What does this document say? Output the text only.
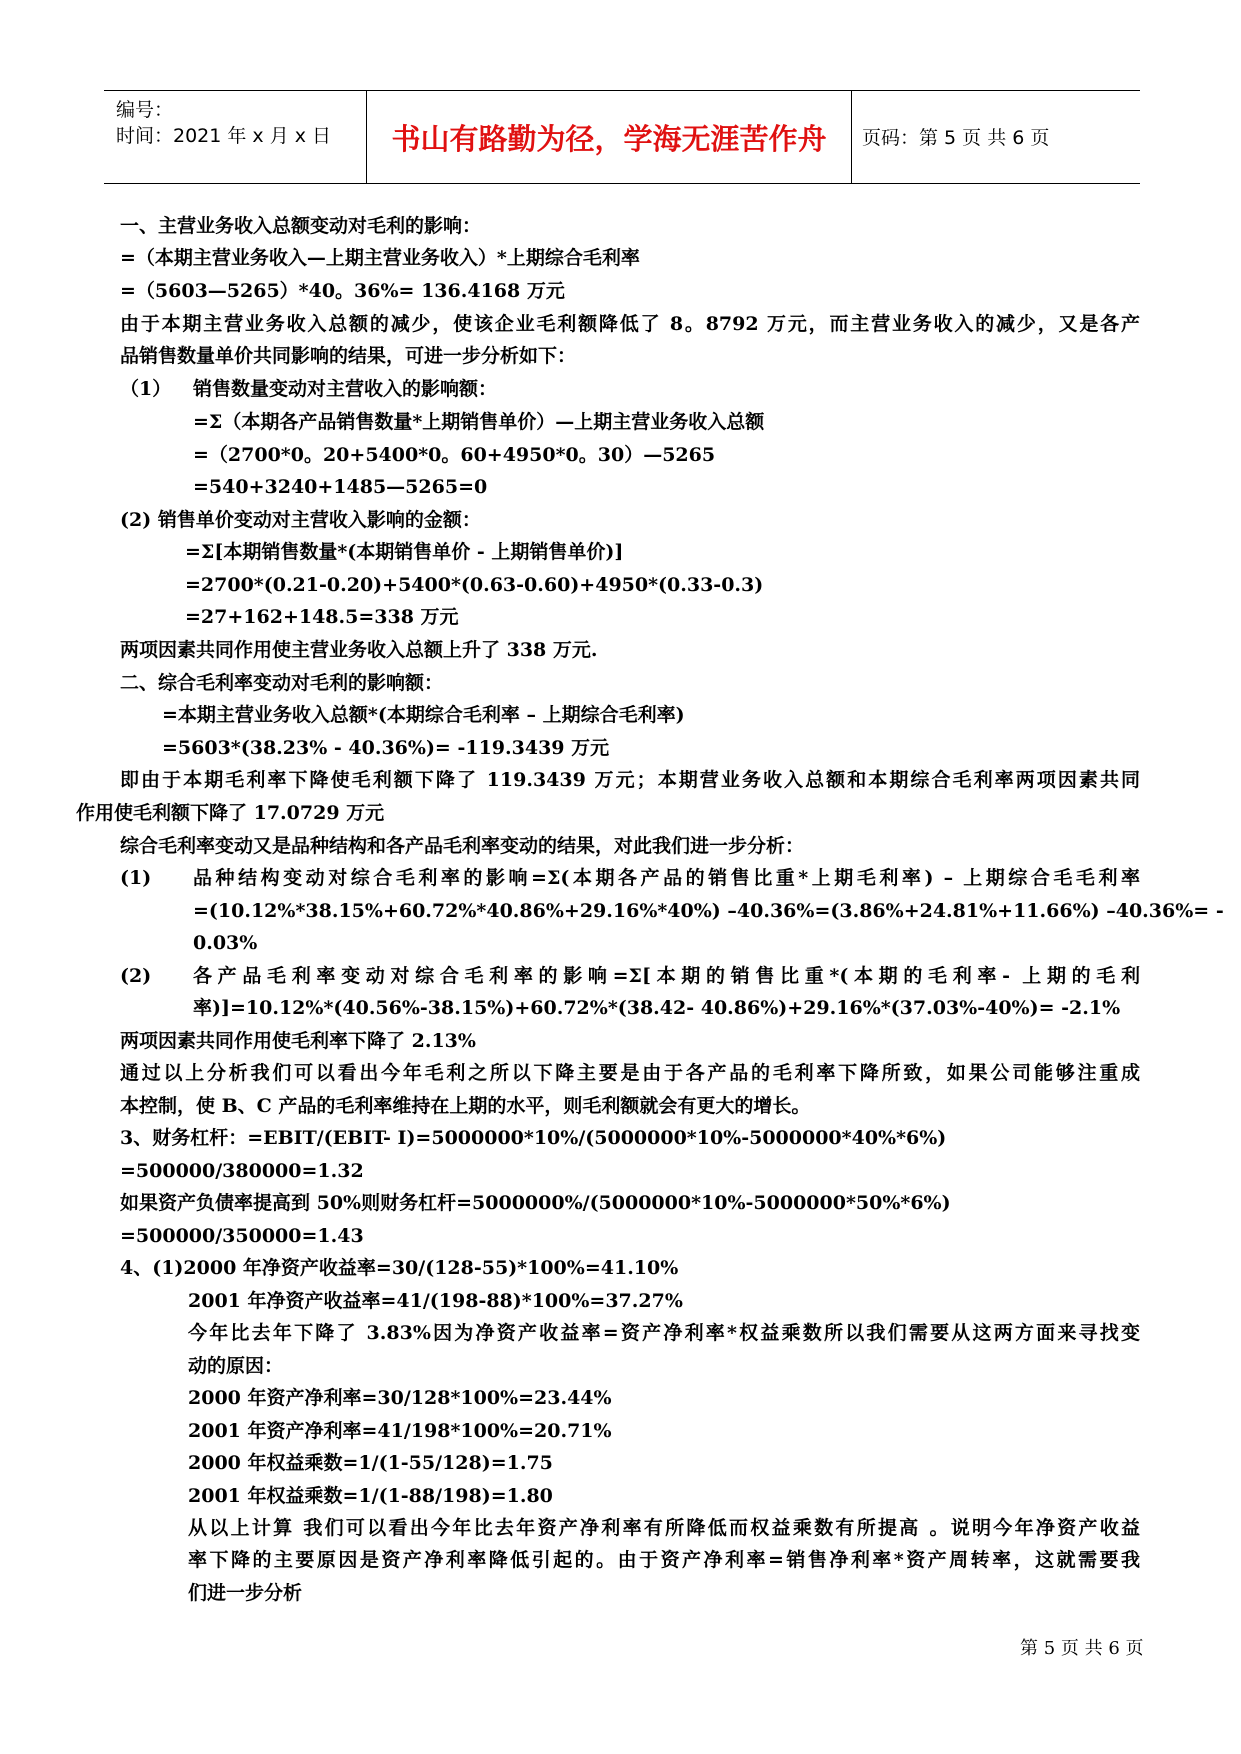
编号：
时间：2021 年 x 月 x 日	书山有路勤为径，学海无涯苦作舟	页码：第 5 页 共 6 页
一、主营业务收入总额变动对毛利的影响：
=（本期主营业务收入—上期主营业务收入）*上期综合毛利率
=（5603—5265）*40。36%= 136.4168 万元
由于本期主营业务收入总额的减少，使该企业毛利额降低了 8。8792 万元，而主营业务收入的减少，又是各产
品销售数量单价共同影响的结果，可进一步分析如下：
（1） 销售数量变动对主营收入的影响额：
=Σ（本期各产品销售数量*上期销售单价）—上期主营业务收入总额
=（2700*0。20+5400*0。60+4950*0。30）—5265
=540+3240+1485—5265=0
(2) 销售单价变动对主营收入影响的金额：
=Σ[本期销售数量*(本期销售单价 - 上期销售单价)]
=2700*(0.21-0.20)+5400*(0.63-0.60)+4950*(0.33-0.3)
=27+162+148.5=338 万元
两项因素共同作用使主营业务收入总额上升了 338 万元.
二、综合毛利率变动对毛利的影响额：
=本期主营业务收入总额*(本期综合毛利率 – 上期综合毛利率)
=5603*(38.23% - 40.36%)= -119.3439 万元
即由于本期毛利率下降使毛利额下降了 119.3439 万元；本期营业务收入总额和本期综合毛利率两项因素共同
作用使毛利额下降了 17.0729 万元
综合毛利率变动又是品种结构和各产品毛利率变动的结果，对此我们进一步分析：
(1) 品种结构变动对综合毛利率的影响=Σ(本期各产品的销售比重*上期毛利率) – 上期综合毛毛利率
=(10.12%*38.15%+60.72%*40.86%+29.16%*40%) –40.36%=(3.86%+24.81%+11.66%) –40.36%= -
0.03%
(2) 各产品毛利率变动对综合毛利率的影响=Σ[本期的销售比重*(本期的毛利率- 上期的毛利
率)]=10.12%*(40.56%-38.15%)+60.72%*(38.42- 40.86%)+29.16%*(37.03%-40%)= -2.1%
两项因素共同作用使毛利率下降了 2.13%
通过以上分析我们可以看出今年毛利之所以下降主要是由于各产品的毛利率下降所致，如果公司能够注重成
本控制，使 B、C 产品的毛利率维持在上期的水平，则毛利额就会有更大的增长。
3、财务杠杆：=EBIT/(EBIT- I)=5000000*10%/(5000000*10%-5000000*40%*6%)
=500000/380000=1.32
如果资产负债率提高到 50%则财务杠杆=5000000%/(5000000*10%-5000000*50%*6%)
=500000/350000=1.43
4、(1)2000 年净资产收益率=30/(128-55)*100%=41.10%
2001 年净资产收益率=41/(198-88)*100%=37.27%
今年比去年下降了 3.83%因为净资产收益率=资产净利率*权益乘数所以我们需要从这两方面来寻找变
动的原因：
2000 年资产净利率=30/128*100%=23.44%
2001 年资产净利率=41/198*100%=20.71%
2000 年权益乘数=1/(1-55/128)=1.75
2001 年权益乘数=1/(1-88/198)=1.80
从以上计算 我们可以看出今年比去年资产净利率有所降低而权益乘数有所提高 。说明今年净资产收益
率下降的主要原因是资产净利率降低引起的。由于资产净利率=销售净利率*资产周转率，这就需要我
们进一步分析
第 5 页 共 6 页
